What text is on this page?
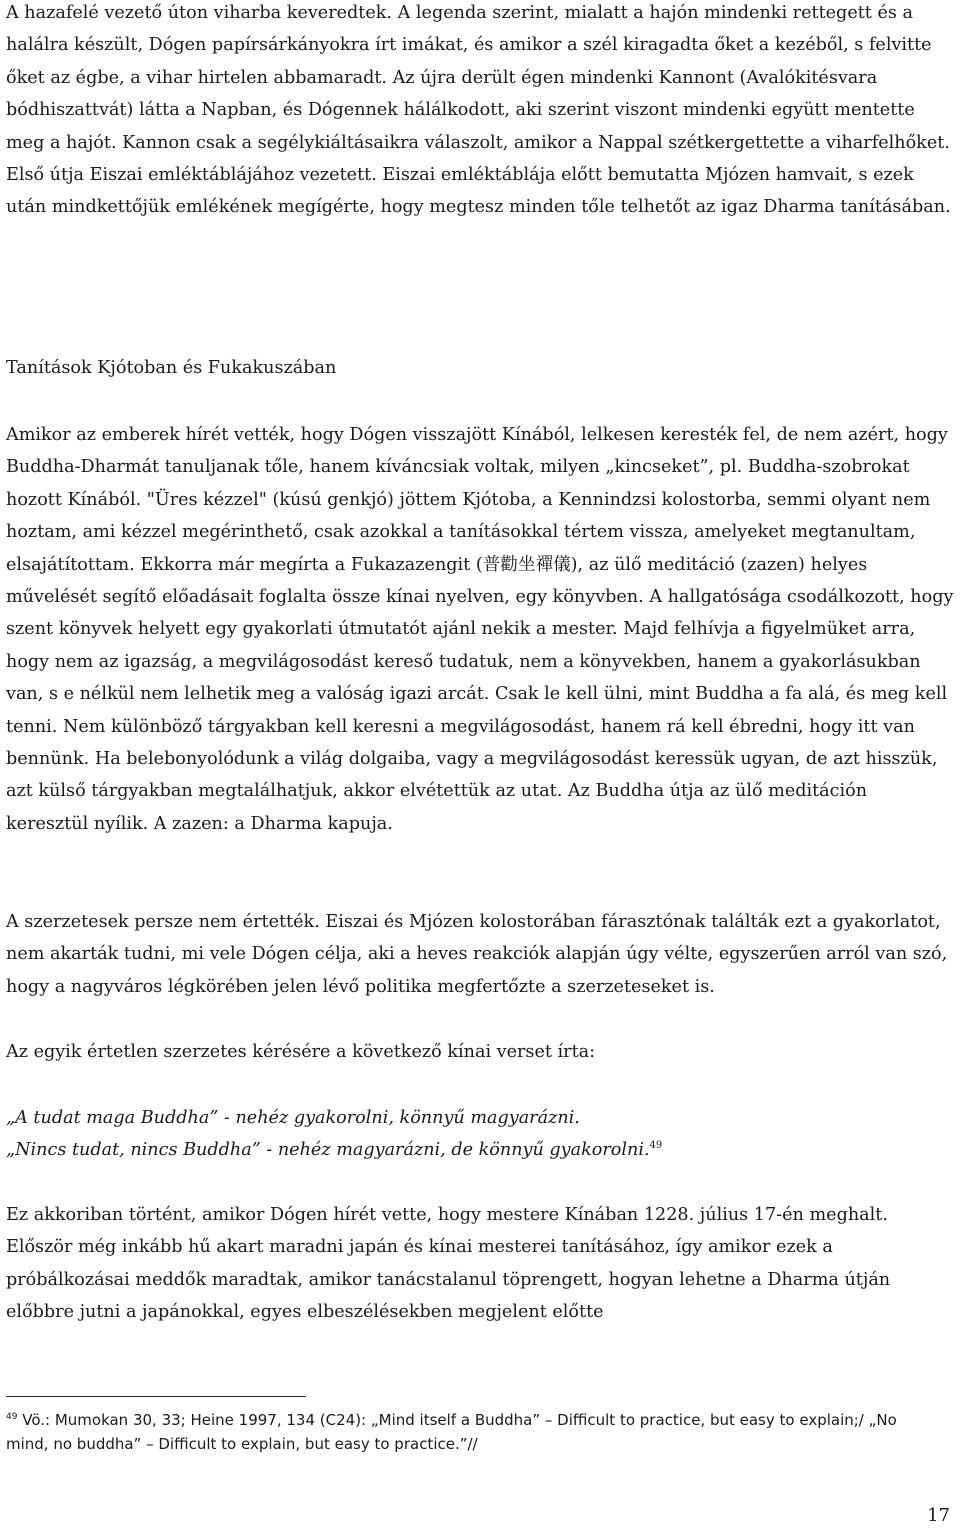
A hazafelé vezető úton viharba keveredtek. A legenda szerint, mialatt a hajón mindenki rettegett és a halálra készült, Dógen papírsárkányokra írt imákat, és amikor a szél kiragadta őket a kezéből, s felvitte őket az égbe, a vihar hirtelen abbamaradt. Az újra derült égen mindenki Kannont (Avalókitésvara bódhiszattvát) látta a Napban, és Dógennek hálálkodott, aki szerint viszont mindenki együtt mentette meg a hajót. Kannon csak a segélykiáltásaikra válaszolt, amikor a Nappal szétkergettette a viharfelhőket. Első útja Eiszai emléktáblájához vezetett. Eiszai emléktáblája előtt bemutatta Mjózen hamvait, s ezek után mindkettőjük emlékének megígérte, hogy megtesz minden tőle telhetőt az igaz Dharma tanításában.

Tanítások Kjótoban és Fukakuszában

Amikor az emberek hírét vették, hogy Dógen visszajött Kínából, lelkesen keresték fel, de nem azért, hogy Buddha-Dharmát tanuljanak tőle, hanem kíváncsiak voltak, milyen „kincseket”, pl. Buddha-szobrokat hozott Kínából. "Üres kézzel" (kúsú genkjó) jöttem Kjótoba, a Kennindzsi kolostorba, semmi olyant nem hoztam, ami kézzel megérinthető, csak azokkal a tanításokkal tértem vissza, amelyeket megtanultam, elsajátítottam. Ekkorra már megírta a Fukazazengit (普勸坐禪儀), az ülő meditáció (zazen) helyes művelését segítő előadásait foglalta össze kínai nyelven, egy könyvben. A hallgatósága csodálkozott, hogy szent könyvek helyett egy gyakorlati útmutatót ajánl nekik a mester. Majd felhívja a figyelmüket arra, hogy nem az igazság, a megvilágosodást kereső tudatuk, nem a könyvekben, hanem a gyakorlásukban van, s e nélkül nem lelhetik meg a valóság igazi arcát. Csak le kell ülni, mint Buddha a fa alá, és meg kell tenni. Nem különböző tárgyakban kell keresni a megvilágosodást, hanem rá kell ébredni, hogy itt van bennünk. Ha belebonyolódunk a világ dolgaiba, vagy a megvilágosodást keressük ugyan, de azt hisszük, azt külső tárgyakban megtalálhatjuk, akkor elvétettük az utat. Az Buddha útja az ülő meditáción keresztül nyílik. A zazen: a Dharma kapuja.

A szerzetesek persze nem értették. Eiszai és Mjózen kolostorában fárasztónak találták ezt a gyakorlatot, nem akarták tudni, mi vele Dógen célja, aki a heves reakciók alapján úgy vélte, egyszerűen arról van szó, hogy a nagyváros légkörében jelen lévő politika megfertőzte a szerzeteseket is.

Az egyik értetlen szerzetes kérésére a következő kínai verset írta:

„A tudat maga Buddha” - nehéz gyakorolni, könnyű magyarázni.

„Nincs tudat, nincs Buddha” - nehéz magyarázni, de könnyű gyakorolni.$^{49}$

Ez akkoriban történt, amikor Dógen hírét vette, hogy mestere Kínában 1228. július 17-én meghalt. Először még inkább hű akart maradni japán és kínai mesterei tanításához, így amikor ezek a próbálkozásai meddők maradtak, amikor tanácstalanul töprengett, hogyan lehetne a Dharma útján előbbre jutni a japánokkal, egyes elbeszélésekben megjelent előtte

$^{49}$ Vö.: Mumokan 30, 33; Heine 1997, 134 (C24): „Mind itself a Buddha” – Difficult to practice, but easy to explain;/ „No mind, no buddha” – Difficult to explain, but easy to practice.”//

17
